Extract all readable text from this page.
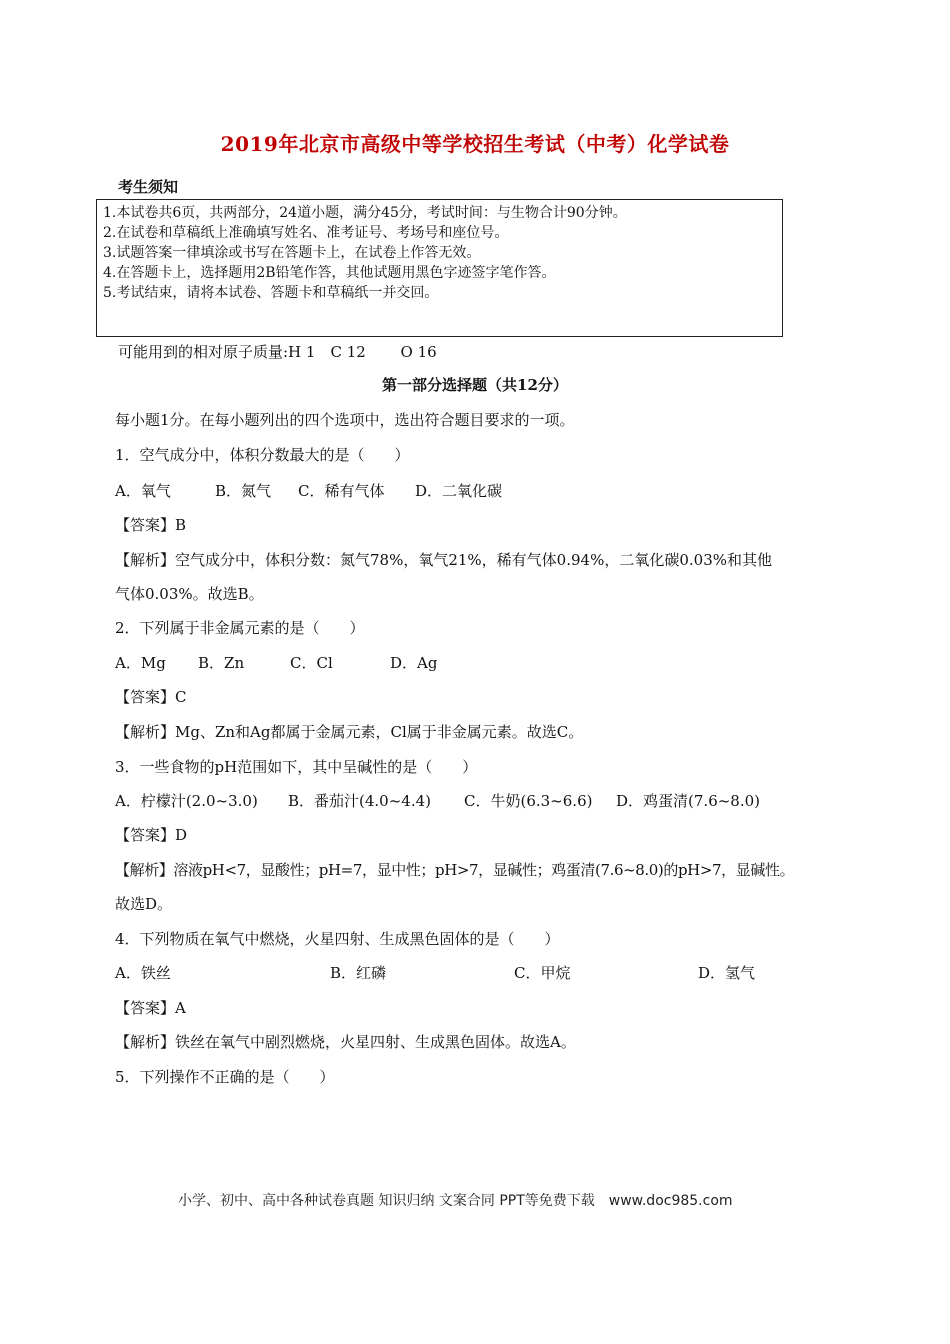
2019年北京市高级中等学校招生考试（中考）化学试卷
考生须知
1.本试卷共6页，共两部分，24道小题，满分45分，考试时间：与生物合计90分钟。
2.在试卷和草稿纸上准确填写姓名、准考证号、考场号和座位号。
3.试题答案一律填涂或书写在答题卡上，在试卷上作答无效。
4.在答题卡上，选择题用2B铅笔作答，其他试题用黑色字迹签字笔作答。
5.考试结束，请将本试卷、答题卡和草稿纸一并交回。
可能用到的相对原子质量:H 1　C 12　　 O 16
第一部分选择题（共12分）
每小题1分。在每小题列出的四个选项中，选出符合题目要求的一项。
1．空气成分中，体积分数最大的是（　　）
A．氧气	B．氮气 C．稀有气体 D．二氧化碳
【答案】B
【解析】空气成分中，体积分数：氮气78%，氧气21%，稀有气体0.94%，二氧化碳0.03%和其他
气体0.03%。故选B。
2．下列属于非金属元素的是（　　）
A．Mg B．Zn	C．Cl	D．Ag
【答案】C
【解析】Mg、Zn和Ag都属于金属元素，Cl属于非金属元素。故选C。
3．一些食物的pH范围如下，其中呈碱性的是（　　）
A．柠檬汁(2.0~3.0) B．番茄汁(4.0~4.4) C．牛奶(6.3~6.6) D．鸡蛋清(7.6~8.0)
【答案】D
【解析】溶液pH<7，显酸性；pH=7，显中性；pH>7，显碱性；鸡蛋清(7.6~8.0)的pH>7，显碱性。
故选D。
4．下列物质在氧气中燃烧，火星四射、生成黑色固体的是（　　）
A．铁丝	B．红磷	C．甲烷	D．氢气
【答案】A
【解析】铁丝在氧气中剧烈燃烧，火星四射、生成黑色固体。故选A。
5．下列操作不正确的是（　　）
小学、初中、高中各种试卷真题 知识归纳 文案合同 PPT等免费下载　www.doc985.com
